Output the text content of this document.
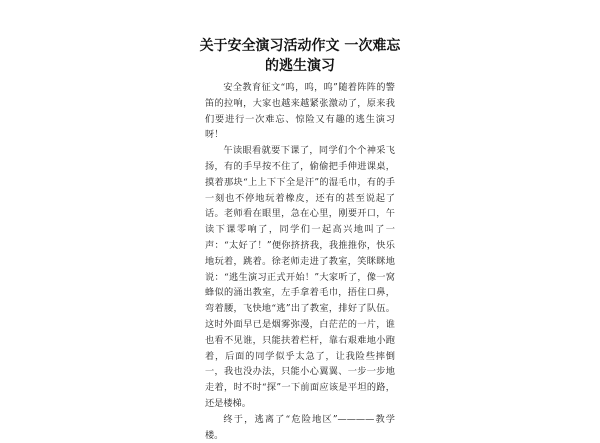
关于安全演习活动作文 一次难忘的逃生演习

安全教育征文“呜，呜，呜”随着阵阵的警笛的拉响，大家也越来越紧张激动了，原来我们要进行一次难忘、惊险又有趣的逃生演习呀！

午读眼看就要下课了，同学们个个神采飞扬，有的手早按不住了，偷偷把手伸进课桌，摸着那块“上上下下全是汗”的湿毛巾，有的手一刻也不停地玩着橡皮，还有的甚至说起了话。老师看在眼里，急在心里，刚要开口，午读下课零响了，同学们一起高兴地叫了一声：“太好了！”便你挤挤我，我推推你，快乐地玩着，跳着。徐老师走进了教室，笑眯眯地说：“逃生演习正式开始！”大家听了，像一窝蜂似的涌出教室，左手拿着毛巾，捂住口鼻，弯着腰，飞快地“逃”出了教室，排好了队伍。这时外面早已是烟雾弥漫，白茫茫的一片，谁也看不见谁，只能扶着栏杆，靠右艰难地小跑着，后面的同学似乎太急了，让我险些摔倒一，我也没办法，只能小心翼翼、一步一步地走着，时不时“探”一下前面应该是平坦的路，还是楼梯。

终于，逃离了“危险地区”————教学楼。
